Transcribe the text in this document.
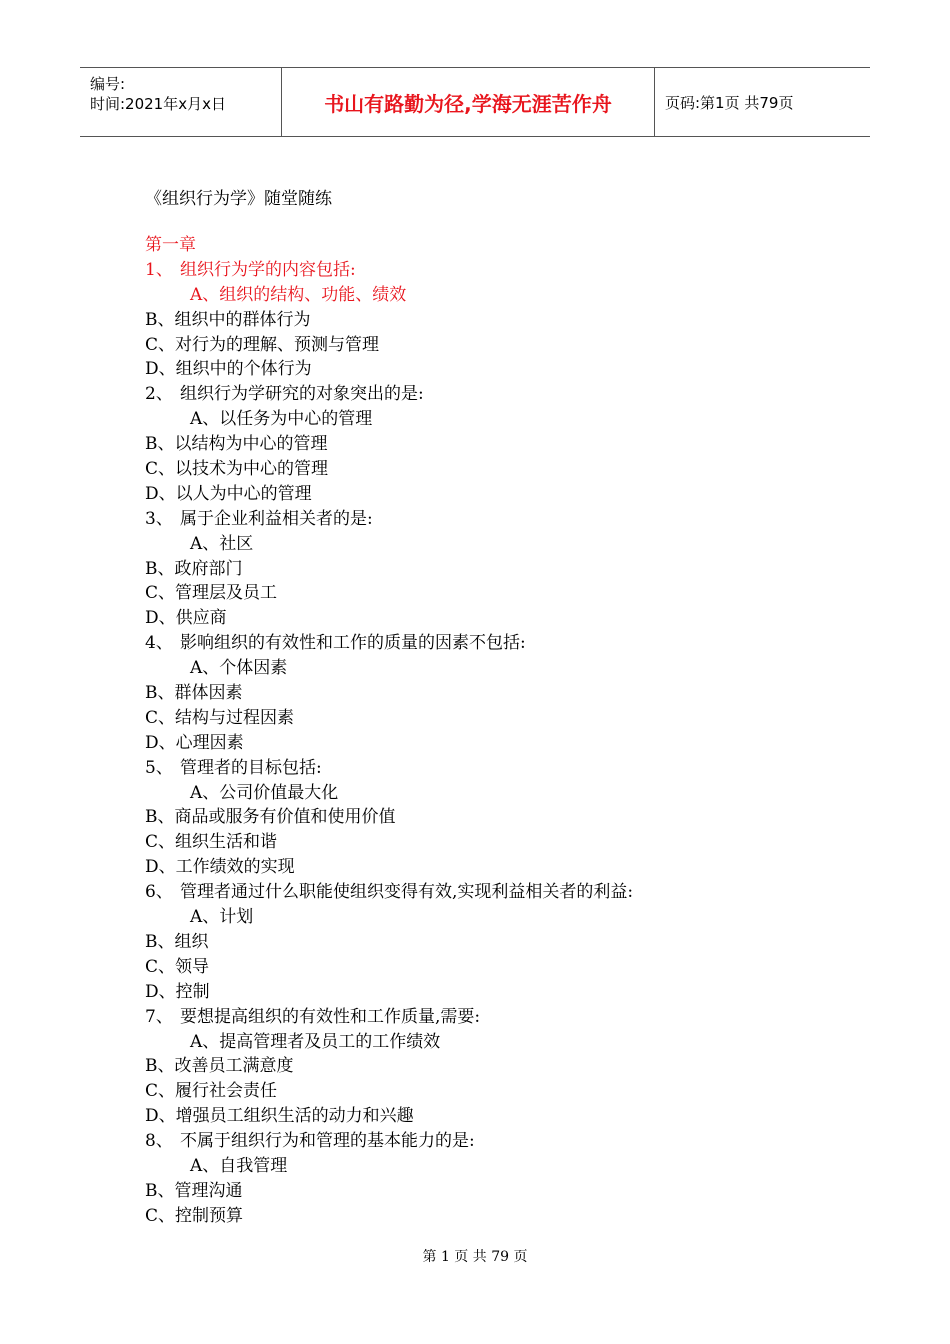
编号:
时间:2021年x月x日	书山有路勤为径,学海无涯苦作舟	页码:第1页 共79页
《组织行为学》随堂随练
第一章
1、 组织行为学的内容包括:
A、组织的结构、功能、绩效
B、组织中的群体行为
C、对行为的理解、预测与管理
D、组织中的个体行为
2、 组织行为学研究的对象突出的是:
A、以任务为中心的管理
B、以结构为中心的管理
C、以技术为中心的管理
D、以人为中心的管理
3、 属于企业利益相关者的是:
A、社区
B、政府部门
C、管理层及员工
D、供应商
4、 影响组织的有效性和工作的质量的因素不包括:
A、个体因素
B、群体因素
C、结构与过程因素
D、心理因素
5、 管理者的目标包括:
A、公司价值最大化
B、商品或服务有价值和使用价值
C、组织生活和谐
D、工作绩效的实现
6、 管理者通过什么职能使组织变得有效,实现利益相关者的利益:
A、计划
B、组织
C、领导
D、控制
7、 要想提高组织的有效性和工作质量,需要:
A、提高管理者及员工的工作绩效
B、改善员工满意度
C、履行社会责任
D、增强员工组织生活的动力和兴趣
8、 不属于组织行为和管理的基本能力的是:
A、自我管理
B、管理沟通
C、控制预算
第 1 页 共 79 页
